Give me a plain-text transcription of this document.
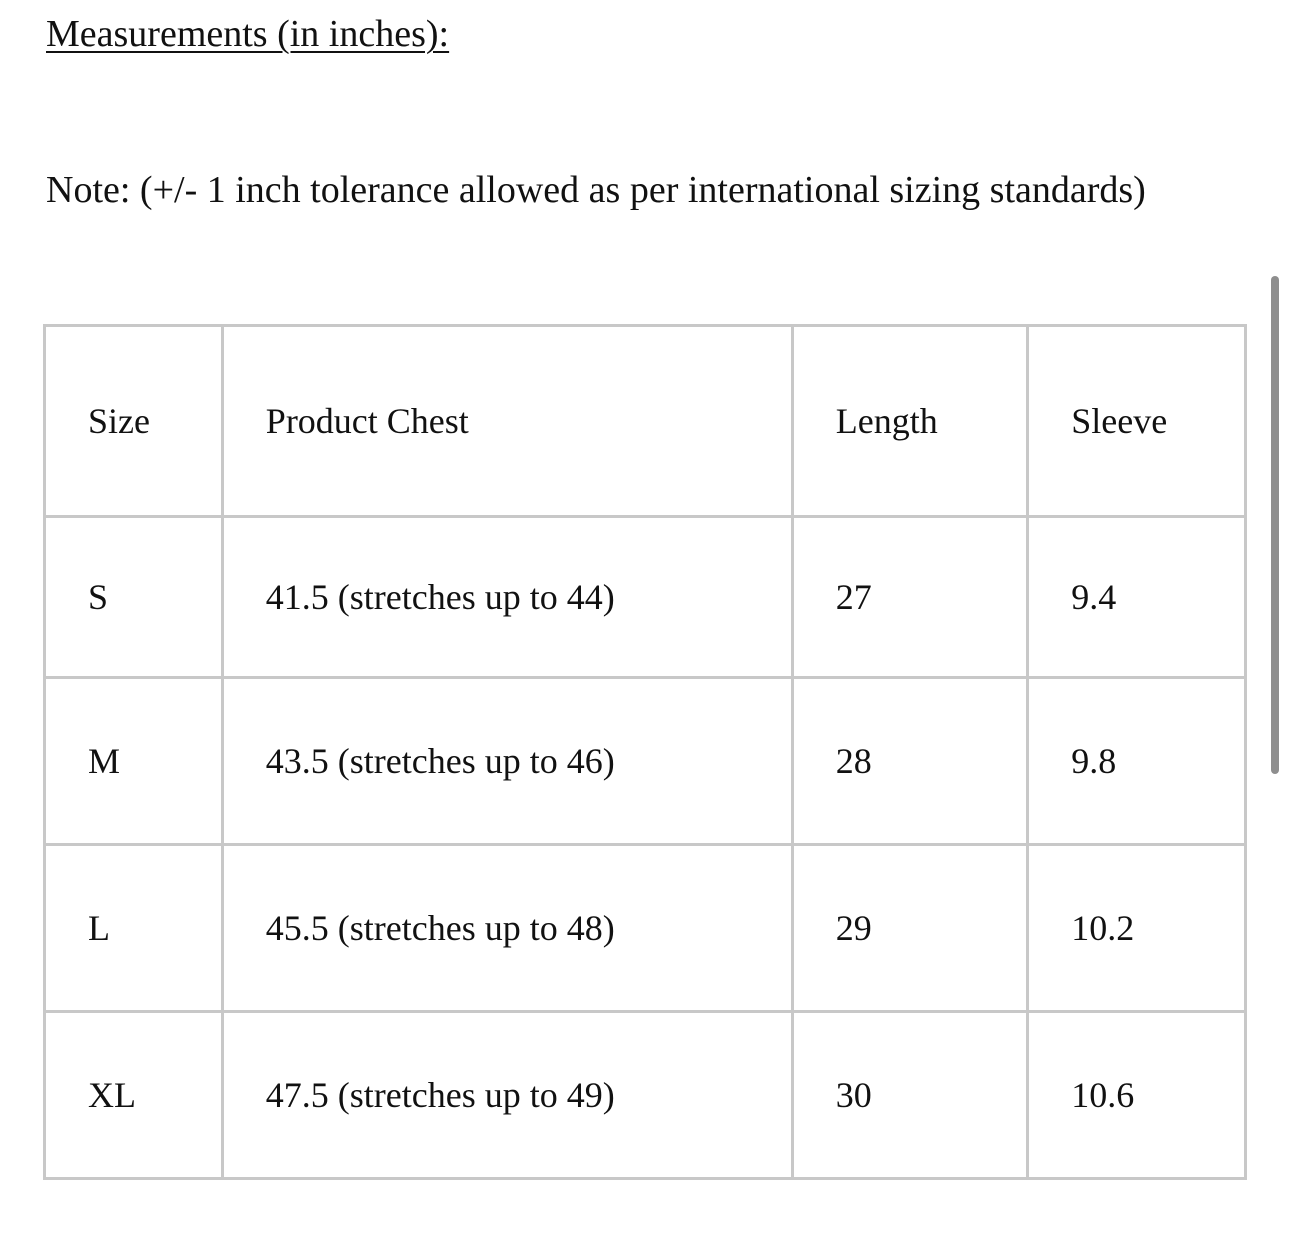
Measurements (in inches):
Note: (+/- 1 inch tolerance allowed as per international sizing standards)
Size	Product Chest	Length	Sleeve
S	41.5 (stretches up to 44)	27	9.4
M	43.5 (stretches up to 46)	28	9.8
L	45.5 (stretches up to 48)	29	10.2
XL	47.5 (stretches up to 49)	30	10.6
